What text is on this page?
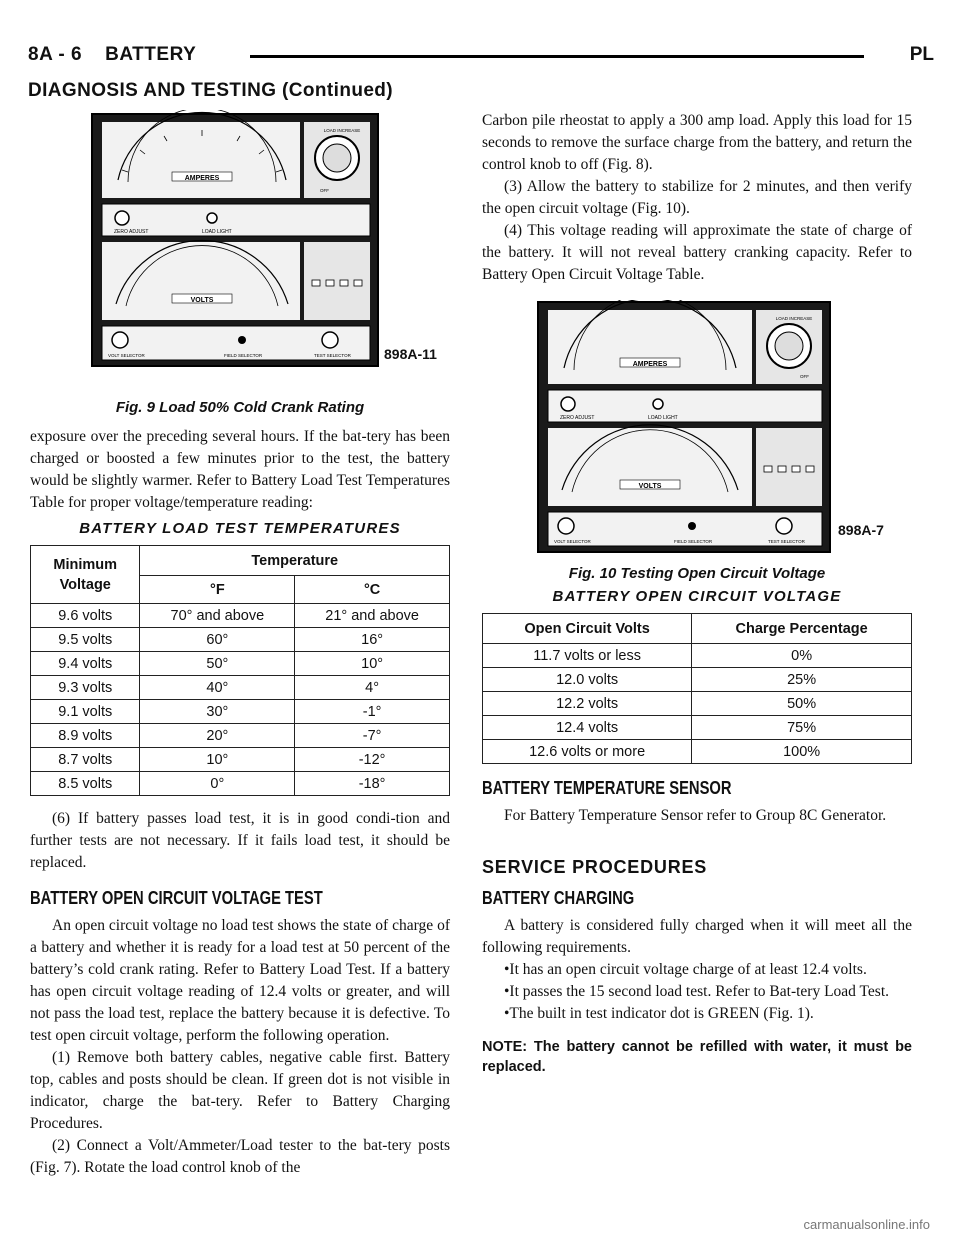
8A - 6    BATTERY	PL
DIAGNOSIS AND TESTING (Continued)
AMPERES
LOAD INCREASE
OFF
ZERO ADJUST	LOAD LIGHT
VOLTS
VOLT SELECTOR	FIELD SELECTOR	TEST SELECTOR 898A-11
Fig. 9 Load 50% Cold Crank Rating

exposure over the preceding several hours. If the bat-tery has been charged or boosted a few minutes prior to the test, the battery would be slightly warmer. Refer to Battery Load Test Temperatures Table for proper voltage/temperature reading:

BATTERY LOAD TEST TEMPERATURES
Minimum
Voltage	Temperature	
	°F	°C
9.6 volts	70° and above	21° and above
9.5 volts	60°	16°
9.4 volts	50°	10°
9.3 volts	40°	4°
9.1 volts	30°	-1°
8.9 volts	20°	-7°
8.7 volts	10°	-12°
8.5 volts	0°	-18°

(6) If battery passes load test, it is in good condi-tion and further tests are not necessary. If it fails load test, it should be replaced.

BATTERY OPEN CIRCUIT VOLTAGE TEST

An open circuit voltage no load test shows the state of charge of a battery and whether it is ready for a load test at 50 percent of the battery’s cold crank rating. Refer to Battery Load Test. If a battery has open circuit voltage reading of 12.4 volts or greater, and will not pass the load test, replace the battery because it is defective. To test open circuit voltage, perform the following operation.

(1) Remove both battery cables, negative cable first. Battery top, cables and posts should be clean. If green dot is not visible in indicator, charge the bat-tery. Refer to Battery Charging Procedures.

(2) Connect a Volt/Ammeter/Load tester to the bat-tery posts (Fig. 7). Rotate the load control knob of the

Carbon pile rheostat to apply a 300 amp load. Apply this load for 15 seconds to remove the surface charge from the battery, and return the control knob to off (Fig. 8).

(3) Allow the battery to stabilize for 2 minutes, and then verify the open circuit voltage (Fig. 10).

(4) This voltage reading will approximate the state of charge of the battery. It will not reveal battery cranking capacity. Refer to Battery Open Circuit Voltage Table.

AMPERES
LOAD INCREASE
OFF
ZERO ADJUST	LOAD LIGHT
VOLTS
VOLT SELECTOR	FIELD SELECTOR	TEST SELECTOR
898A-7
Fig. 10 Testing Open Circuit Voltage
BATTERY OPEN CIRCUIT VOLTAGE
Open Circuit Volts	Charge Percentage
11.7 volts or less	0%
12.0 volts	25%
12.2 volts	50%
12.4 volts	75%
12.6 volts or more	100%
BATTERY TEMPERATURE SENSOR

For Battery Temperature Sensor refer to Group 8C Generator.

SERVICE PROCEDURES
BATTERY CHARGING

A battery is considered fully charged when it will meet all the following requirements.

•It has an open circuit voltage charge of at least 12.4 volts.

•It passes the 15 second load test. Refer to Bat-tery Load Test.

•The built in test indicator dot is GREEN (Fig. 1).

NOTE: The battery cannot be refilled with water, it must be replaced.
carmanualsonline.info
